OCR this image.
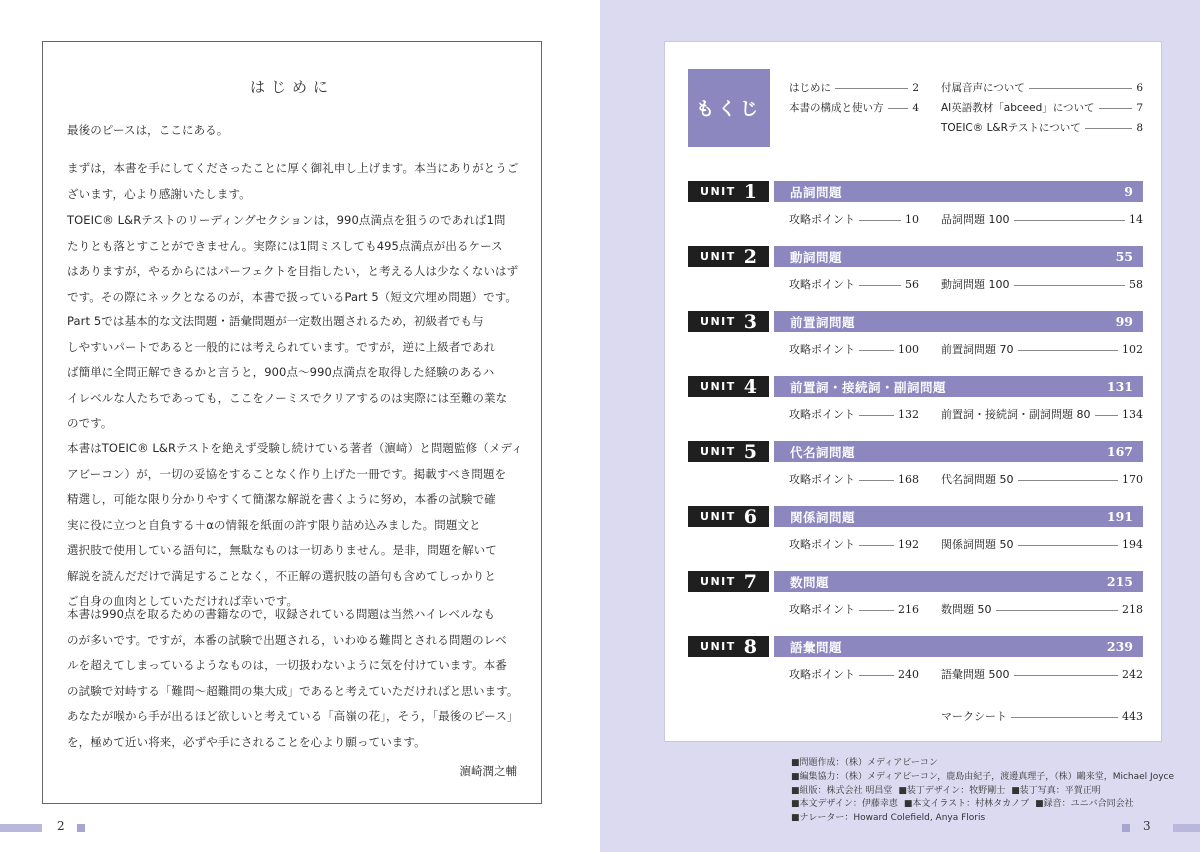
はじめに
最後のピースは，ここにある。
まずは，本書を手にしてくださったことに厚く御礼申し上げます。本当にありがとうご
ざいます，心より感謝いたします。
TOEIC® L&Rテストのリーディングセクションは，990点満点を狙うのであれば1問
たりとも落とすことができません。実際には1問ミスしても495点満点が出るケース
はありますが，やるからにはパーフェクトを目指したい，と考える人は少なくないはず
です。その際にネックとなるのが，本書で扱っているPart 5（短文穴埋め問題）です。
Part 5では基本的な文法問題・語彙問題が一定数出題されるため，初級者でも与
しやすいパートであると一般的には考えられています。ですが，逆に上級者であれ
ば簡単に全問正解できるかと言うと，900点〜990点満点を取得した経験のあるハ
イレベルな人たちであっても，ここをノーミスでクリアするのは実際には至難の業な
のです。
本書はTOEIC® L&Rテストを絶えず受験し続けている著者（濵﨑）と問題監修（メディ
アビーコン）が，一切の妥協をすることなく作り上げた一冊です。掲載すべき問題を
精選し，可能な限り分かりやすくて簡潔な解説を書くように努め，本番の試験で確
実に役に立つと自負する＋αの情報を紙面の許す限り詰め込みました。問題文と
選択肢で使用している語句に，無駄なものは一切ありません。是非，問題を解いて
解説を読んだだけで満足することなく，不正解の選択肢の語句も含めてしっかりと
ご自身の血肉としていただければ幸いです。
本書は990点を取るための書籍なので，収録されている問題は当然ハイレベルなも
のが多いです。ですが，本番の試験で出題される，いわゆる難問とされる問題のレベ
ルを超えてしまっているようなものは，一切扱わないように気を付けています。本番
の試験で対峙する「難問〜超難問の集大成」であると考えていただければと思います。
あなたが喉から手が出るほど欲しいと考えている「高嶺の花」，そう，「最後のピース」
を，極めて近い将来，必ずや手にされることを心より願っています。
濵崎潤之輔
2
もくじ
はじめに	2
本書の構成と使い方	4
付属音声について	6
AI英語教材「abceed」について	7
TOEIC® L&Rテストについて	8
UNIT 1	品詞問題	9
攻略ポイント	10 品詞問題 100	14
UNIT 2	動詞問題	55
攻略ポイント	56 動詞問題 100	58
UNIT 3	前置詞問題	99
攻略ポイント	100 前置詞問題 70	102
UNIT 4	前置詞・接続詞・副詞問題	131
攻略ポイント	132 前置詞・接続詞・副詞問題 80	134
UNIT 5	代名詞問題	167
攻略ポイント	168 代名詞問題 50	170
UNIT 6	関係詞問題	191
攻略ポイント	192 関係詞問題 50	194
UNIT 7	数問題	215
攻略ポイント	216 数問題 50	218
UNIT 8	語彙問題	239
攻略ポイント	240 語彙問題 500	242
マークシート	443
■問題作成：（株）メディアビーコン
■編集協力：（株）メディアビーコン，鹿島由紀子，渡邊真理子，（株）鷗来堂，Michael Joyce
■組版：株式会社 明昌堂 ■装丁デザイン：牧野剛士 ■装丁写真：平賀正明
■本文デザイン：伊藤幸恵 ■本文イラスト：村林タカノブ ■録音：ユニバ合同会社
■ナレーター：Howard Colefield, Anya Floris
3
